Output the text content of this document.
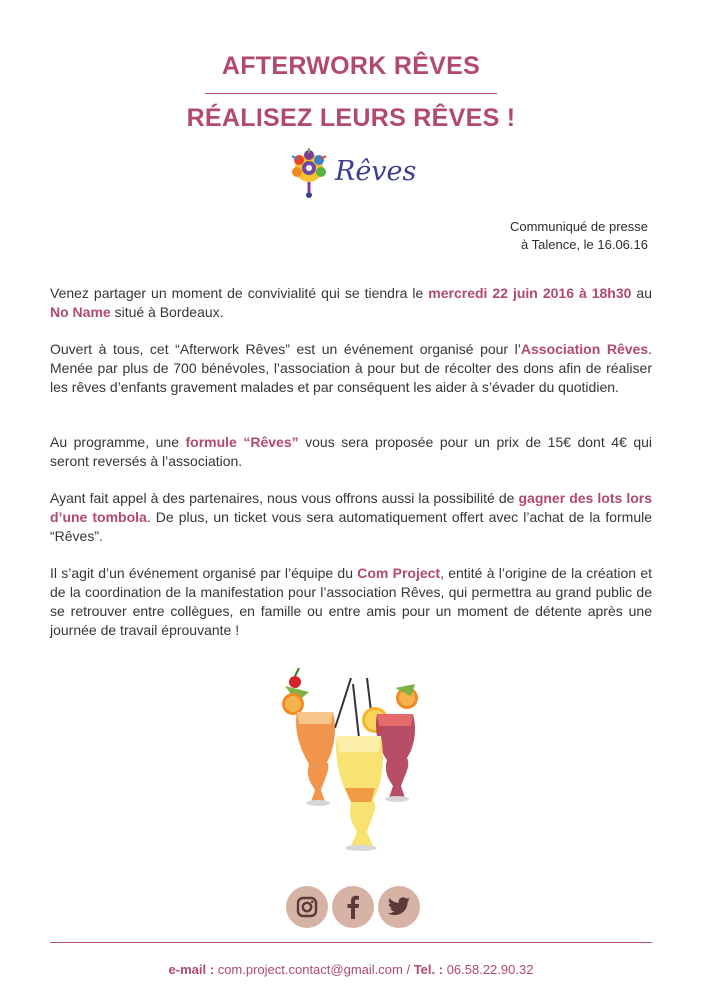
AFTERWORK RÊVES
RÉALISEZ LEURS RÊVES !
Rêves
Communiqué de presse
à Talence, le 16.06.16
Venez partager un moment de convivialité qui se tiendra le mercredi 22 juin 2016 à 18h30 au No Name situé à Bordeaux.
Ouvert à tous, cet “Afterwork Rêves” est un événement organisé pour l’Association Rêves. Menée par plus de 700 bénévoles, l’association à pour but de récolter des dons afin de réaliser les rêves d’enfants gravement malades et par conséquent les aider à s’évader du quotidien.
Au programme, une formule “Rêves” vous sera proposée pour un prix de 15€ dont 4€ qui seront reversés à l’association.
Ayant fait appel à des partenaires, nous vous offrons aussi la possibilité de gagner des lots lors d’une tombola. De plus, un ticket vous sera automatiquement offert avec l’achat de la formule “Rêves”.
Il s’agit d’un événement organisé par l’équipe du Com Project, entité à l’origine de la création et de la coordination de la manifestation pour l’association Rêves, qui permettra au grand public de se retrouver entre collègues, en famille ou entre amis pour un moment de détente après une journée de travail éprouvante !
e-mail : com.project.contact@gmail.com / Tel. : 06.58.22.90.32
